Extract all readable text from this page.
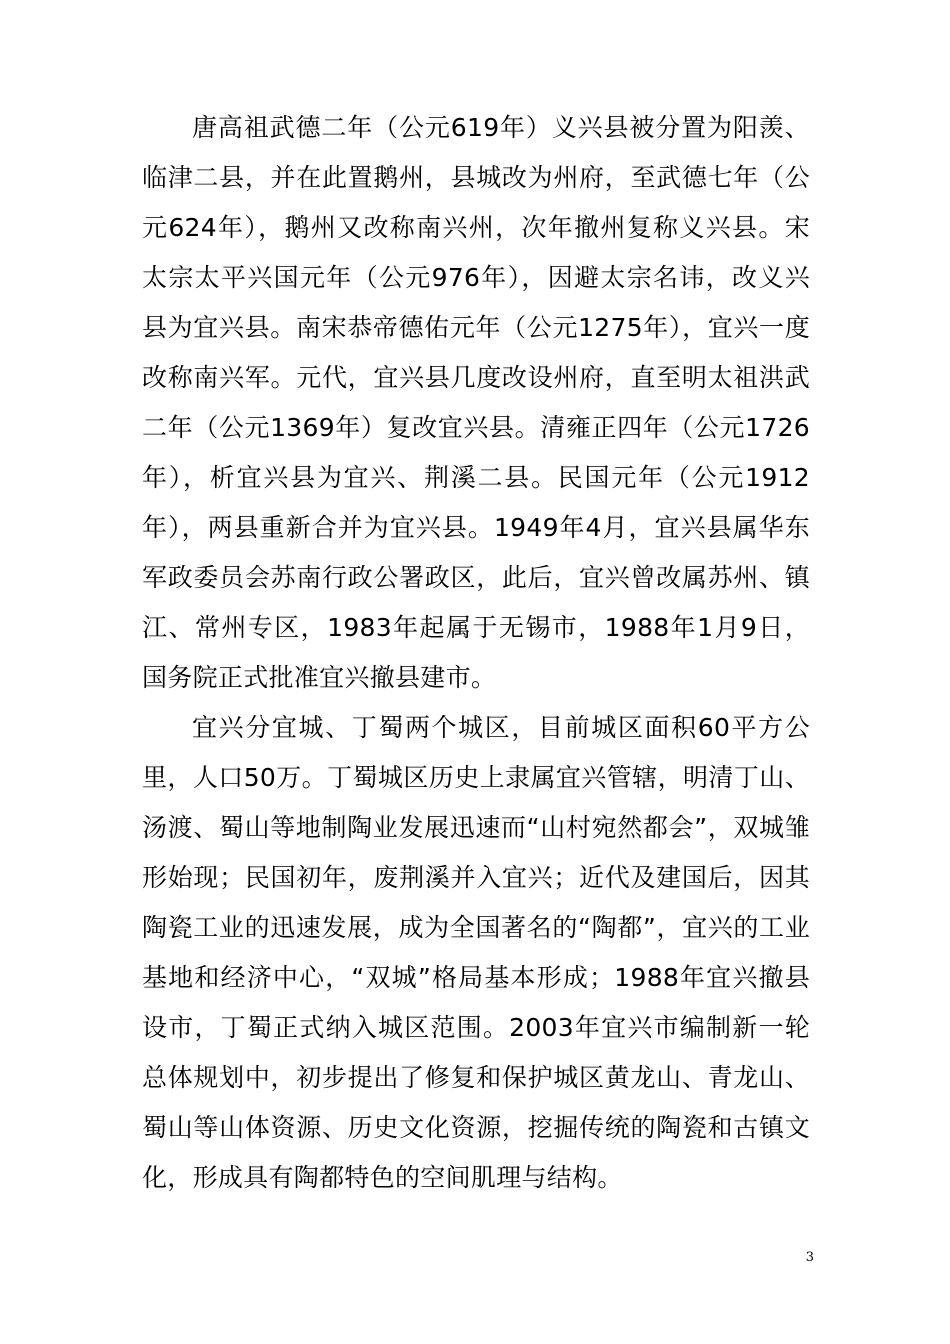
唐高祖武德二年（公元619年）义兴县被分置为阳羡、临津二县，并在此置鹅州，县城改为州府，至武德七年（公元624年），鹅州又改称南兴州，次年撤州复称义兴县。宋太宗太平兴国元年（公元976年），因避太宗名讳，改义兴县为宜兴县。南宋恭帝德佑元年（公元1275年），宜兴一度改称南兴军。元代，宜兴县几度改设州府，直至明太祖洪武二年（公元1369年）复改宜兴县。清雍正四年（公元1726年），析宜兴县为宜兴、荆溪二县。民国元年（公元1912年），两县重新合并为宜兴县。1949年4月，宜兴县属华东军政委员会苏南行政公署政区，此后，宜兴曾改属苏州、镇江、常州专区，1983年起属于无锡市，1988年1月9日，国务院正式批准宜兴撤县建市。

宜兴分宜城、丁蜀两个城区，目前城区面积60平方公里，人口50万。丁蜀城区历史上隶属宜兴管辖，明清丁山、汤渡、蜀山等地制陶业发展迅速而“山村宛然都会”，双城雏形始现；民国初年，废荆溪并入宜兴；近代及建国后，因其陶瓷工业的迅速发展，成为全国著名的“陶都”，宜兴的工业基地和经济中心，“双城”格局基本形成；1988年宜兴撤县设市，丁蜀正式纳入城区范围。2003年宜兴市编制新一轮总体规划中，初步提出了修复和保护城区黄龙山、青龙山、蜀山等山体资源、历史文化资源，挖掘传统的陶瓷和古镇文化，形成具有陶都特色的空间肌理与结构。

3
